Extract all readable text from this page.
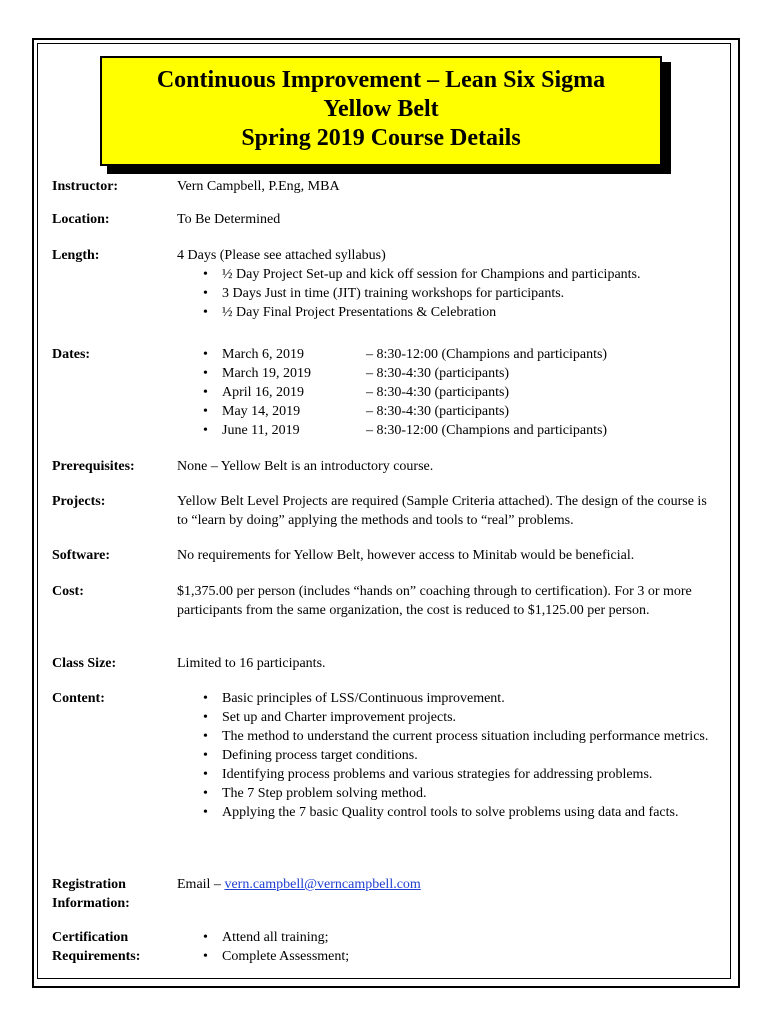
Continuous Improvement – Lean Six Sigma
Yellow Belt
Spring 2019 Course Details
Instructor:	Vern Campbell, P.Eng, MBA
Location:	To Be Determined
Length:	4 Days (Please see attached syllabus)
• ½ Day Project Set-up and kick off session for Champions and participants.
• 3 Days Just in time (JIT) training workshops for participants.
• ½ Day Final Project Presentations & Celebration
Dates:	• March 6, 2019	– 8:30-12:00 (Champions and participants)
• March 19, 2019	– 8:30-4:30 (participants)
• April 16, 2019	– 8:30-4:30 (participants)
• May 14, 2019	– 8:30-4:30 (participants)
• June 11, 2019	– 8:30-12:00 (Champions and participants)
Prerequisites:	None – Yellow Belt is an introductory course.
Projects:	Yellow Belt Level Projects are required (Sample Criteria attached). The design of the course is to “learn by doing” applying the methods and tools to “real” problems.
Software:	No requirements for Yellow Belt, however access to Minitab would be beneficial.
Cost:	$1,375.00 per person (includes “hands on” coaching through to certification). For 3 or more participants from the same organization, the cost is reduced to $1,125.00 per person.
Class Size:	Limited to 16 participants.
Content:	• Basic principles of LSS/Continuous improvement.
• Set up and Charter improvement projects.
• The method to understand the current process situation including performance metrics.
• Defining process target conditions.
• Identifying process problems and various strategies for addressing problems.
• The 7 Step problem solving method.
• Applying the 7 basic Quality control tools to solve problems using data and facts.
Registration
Information:
Email – vern.campbell@verncampbell.com
Certification
Requirements:
• Attend all training;
• Complete Assessment;
